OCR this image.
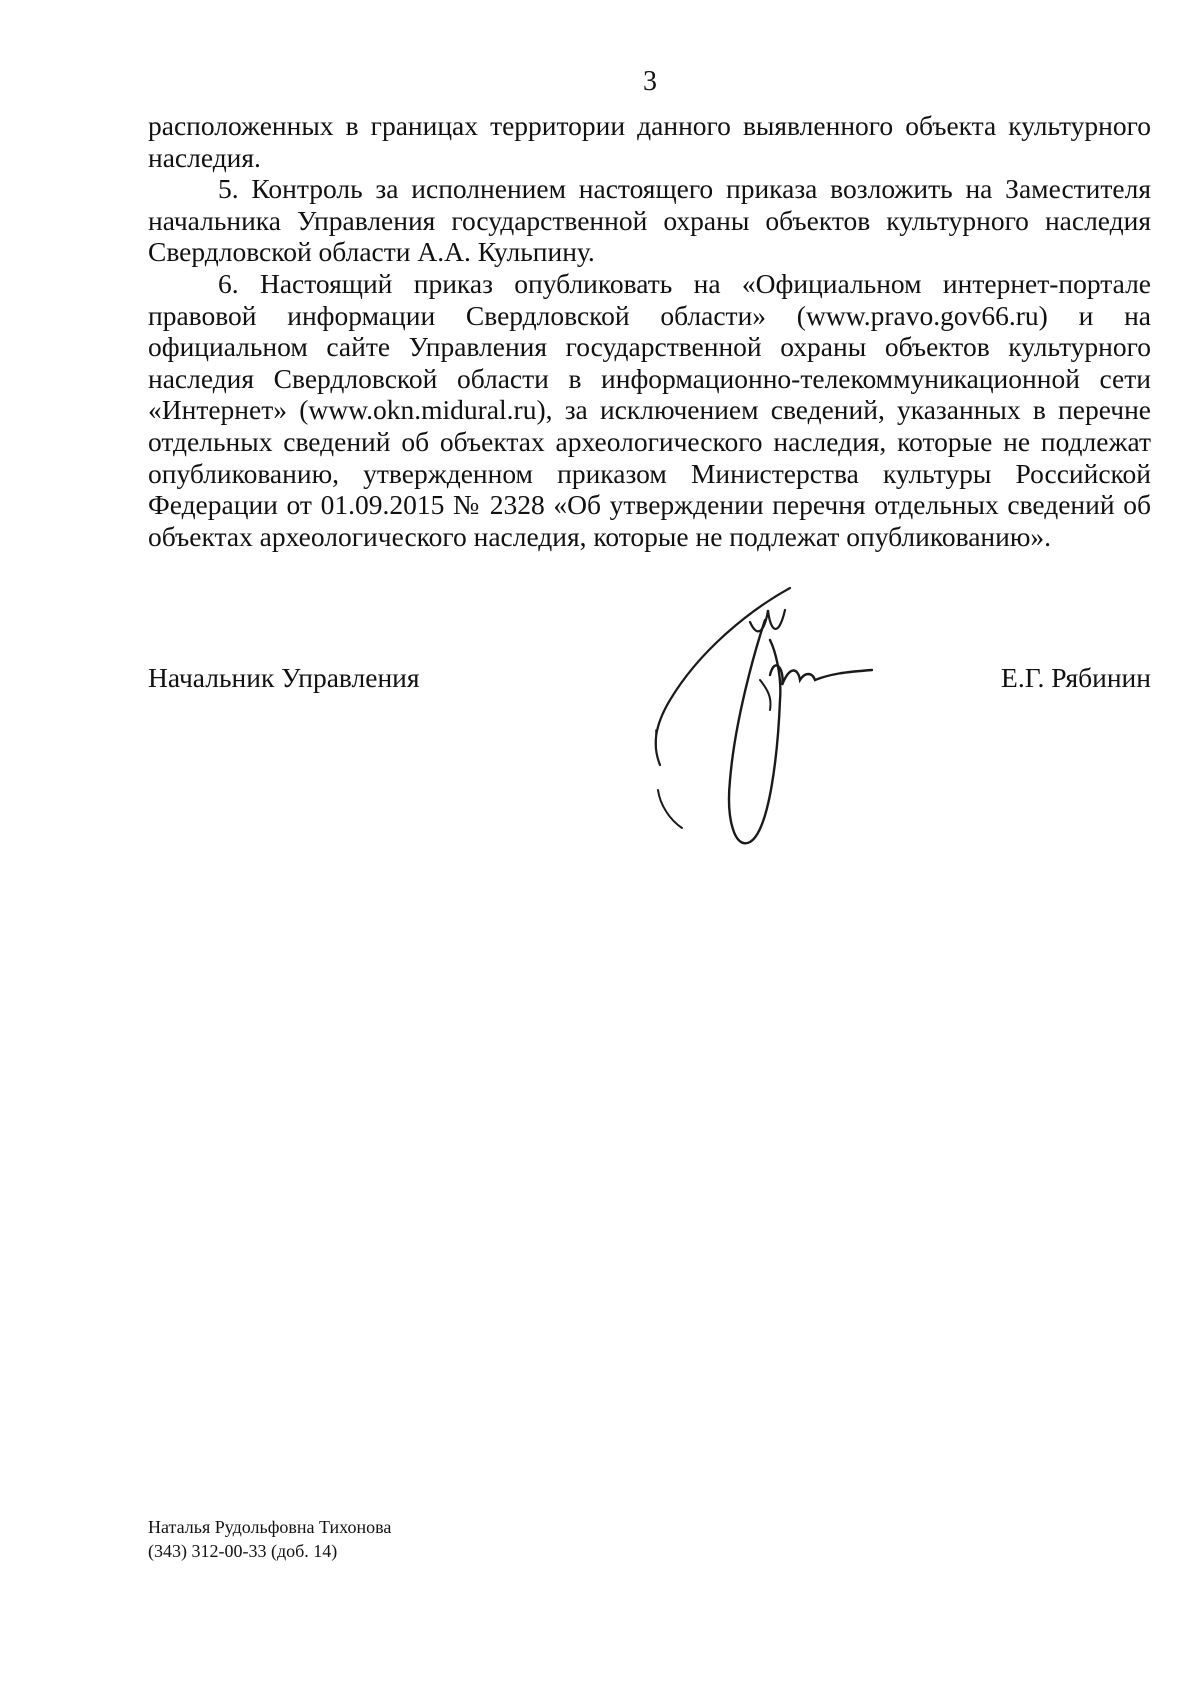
3

расположенных в границах территории данного выявленного объекта культурного наследия.

5. Контроль за исполнением настоящего приказа возложить на Заместителя начальника Управления государственной охраны объектов культурного наследия Свердловской области А.А. Кульпину.

6. Настоящий приказ опубликовать на «Официальном интернет-портале правовой информации Свердловской области» (www.pravo.gov66.ru) и на официальном сайте Управления государственной охраны объектов культурного наследия Свердловской области в информационно-телекоммуникационной сети «Интернет» (www.okn.midural.ru), за исключением сведений, указанных в перечне отдельных сведений об объектах археологического наследия, которые не подлежат опубликованию, утвержденном приказом Министерства культуры Российской Федерации от 01.09.2015 № 2328 «Об утверждении перечня отдельных сведений об объектах археологического наследия, которые не подлежат опубликованию».

Начальник Управления	Е.Г. Рябинин
Наталья Рудольфовна Тихонова
(343) 312-00-33 (доб. 14)
